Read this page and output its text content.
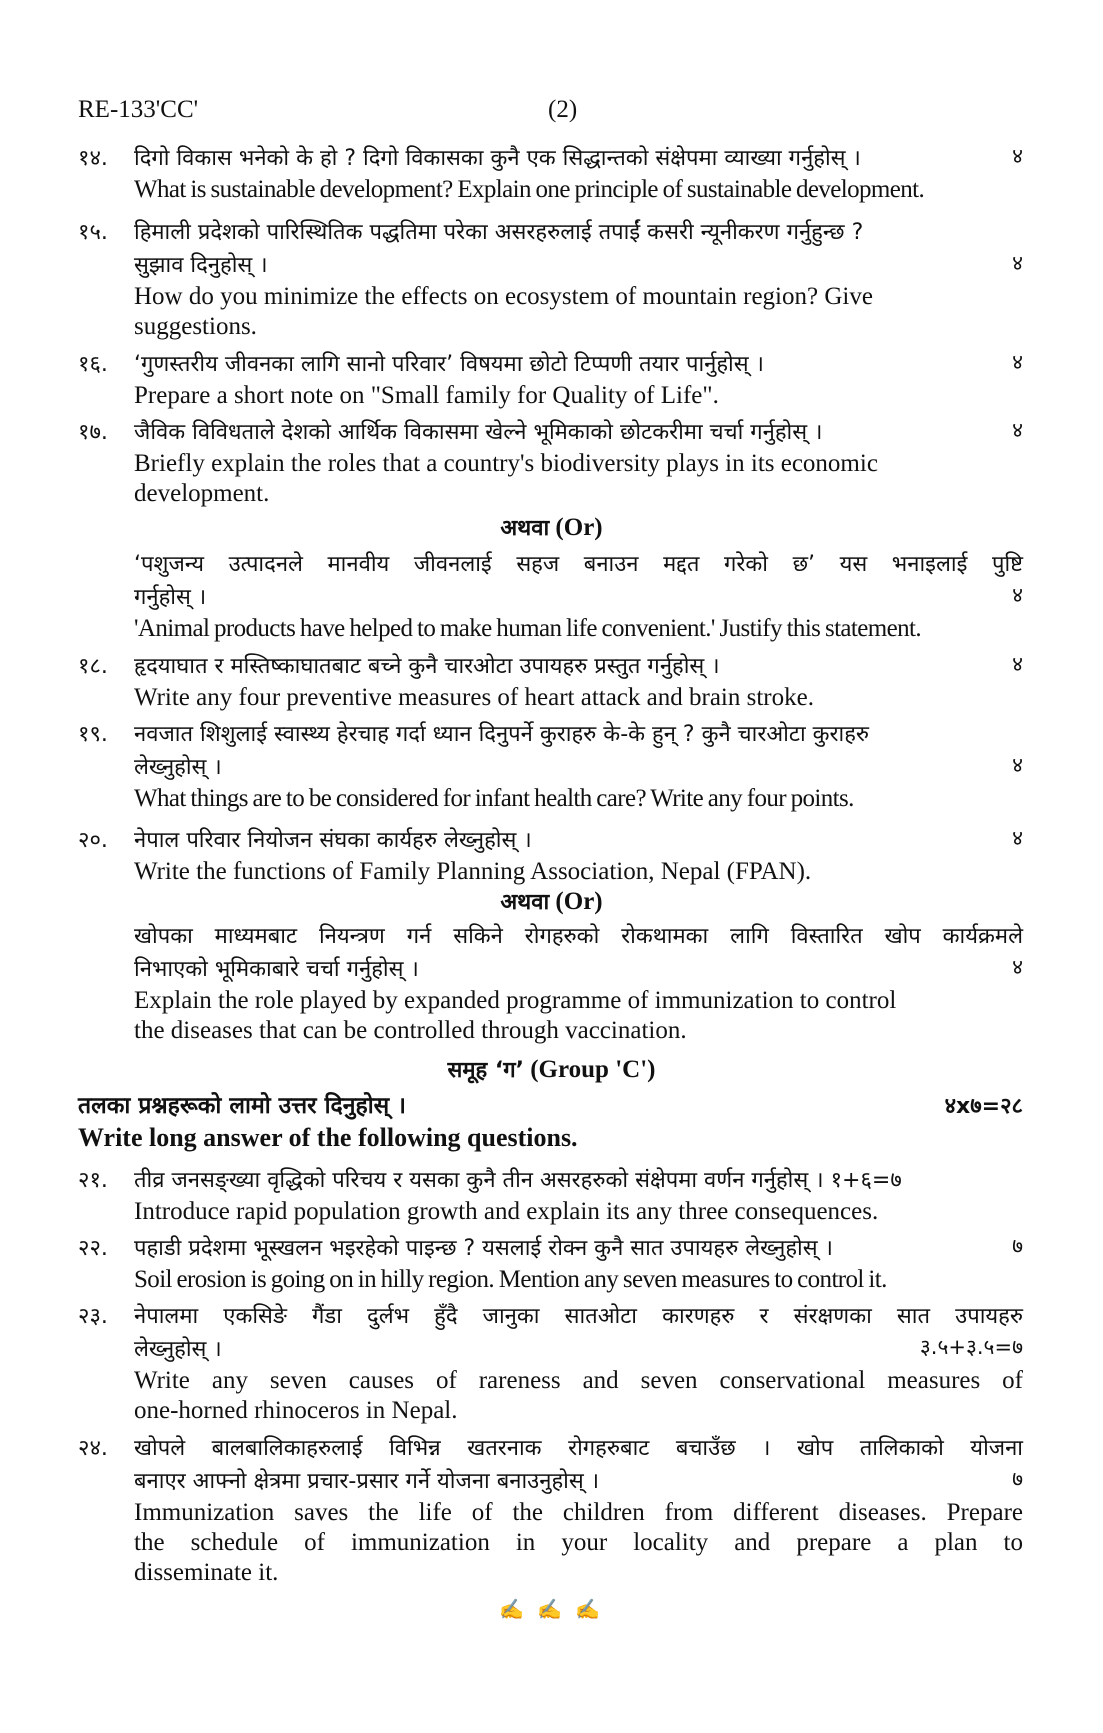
RE-133'CC'	(2)
१४. दिगो विकास भनेको के हो ? दिगो विकासका कुनै एक सिद्धान्तको संक्षेपमा व्याख्या गर्नुहोस् ।
What is sustainable development? Explain one principle of sustainable development.
४
१५. हिमाली प्रदेशको पारिस्थितिक पद्धतिमा परेका असरहरुलाई तपाईं कसरी न्यूनीकरण गर्नुहुन्छ ?
सुझाव दिनुहोस् ।
How do you minimize the effects on ecosystem of mountain region? Give
suggestions.
४
१६. ‘गुणस्तरीय जीवनका लागि सानो परिवार’ विषयमा छोटो टिप्पणी तयार पार्नुहोस् ।
Prepare a short note on "Small family for Quality of Life".
४
१७. जैविक विविधताले देशको आर्थिक विकासमा खेल्ने भूमिकाको छोटकरीमा चर्चा गर्नुहोस् ।
Briefly explain the roles that a country's biodiversity plays in its economic
development.
४
अथवा (Or)
‘पशुजन्य उत्पादनले मानवीय जीवनलाई सहज बनाउन मद्दत गरेको छ’ यस भनाइलाई पुष्टि
गर्नुहोस् ।
'Animal products have helped to make human life convenient.' Justify this statement.
४
१८. हृदयाघात र मस्तिष्काघातबाट बच्ने कुनै चारओटा उपायहरु प्रस्तुत गर्नुहोस् ।
Write any four preventive measures of heart attack and brain stroke.
४
१९. नवजात शिशुलाई स्वास्थ्य हेरचाह गर्दा ध्यान दिनुपर्ने कुराहरु के-के हुन् ? कुनै चारओटा कुराहरु
लेख्नुहोस् ।
What things are to be considered for infant health care? Write any four points.
४
२०. नेपाल परिवार नियोजन संघका कार्यहरु लेख्नुहोस् ।
Write the functions of Family Planning Association, Nepal (FPAN).
४
अथवा (Or)
खोपका माध्यमबाट नियन्त्रण गर्न सकिने रोगहरुको रोकथामका लागि विस्तारित खोप कार्यक्रमले
निभाएको भूमिकाबारे चर्चा गर्नुहोस् ।
Explain the role played by expanded programme of immunization to control
the diseases that can be controlled through vaccination.
४
समूह ‘ग’ (Group 'C')
तलका प्रश्नहरूको लामो उत्तर दिनुहोस् ।
Write long answer of the following questions.
४x७=२८
२१. तीव्र जनसङ्ख्या वृद्धिको परिचय र यसका कुनै तीन असरहरुको संक्षेपमा वर्णन गर्नुहोस् । १+६=७
Introduce rapid population growth and explain its any three consequences.
२२. पहाडी प्रदेशमा भूस्खलन भइरहेको पाइन्छ ? यसलाई रोक्न कुनै सात उपायहरु लेख्नुहोस् ।
Soil erosion is going on in hilly region. Mention any seven measures to control it.
७
२३. नेपालमा एकसिङे गैंडा दुर्लभ हुँदै जानुका सातओटा कारणहरु र संरक्षणका सात उपायहरु
लेख्नुहोस् ।
Write any seven causes of rareness and seven conservational measures of
one-horned rhinoceros in Nepal.
३.५+३.५=७
२४. खोपले बालबालिकाहरुलाई विभिन्न खतरनाक रोगहरुबाट बचाउँछ । खोप तालिकाको योजना
बनाएर आफ्नो क्षेत्रमा प्रचार-प्रसार गर्ने योजना बनाउनुहोस् ।
Immunization saves the life of the children from different diseases. Prepare
the schedule of immunization in your locality and prepare a plan to
disseminate it.
७
✍ ✍ ✍
